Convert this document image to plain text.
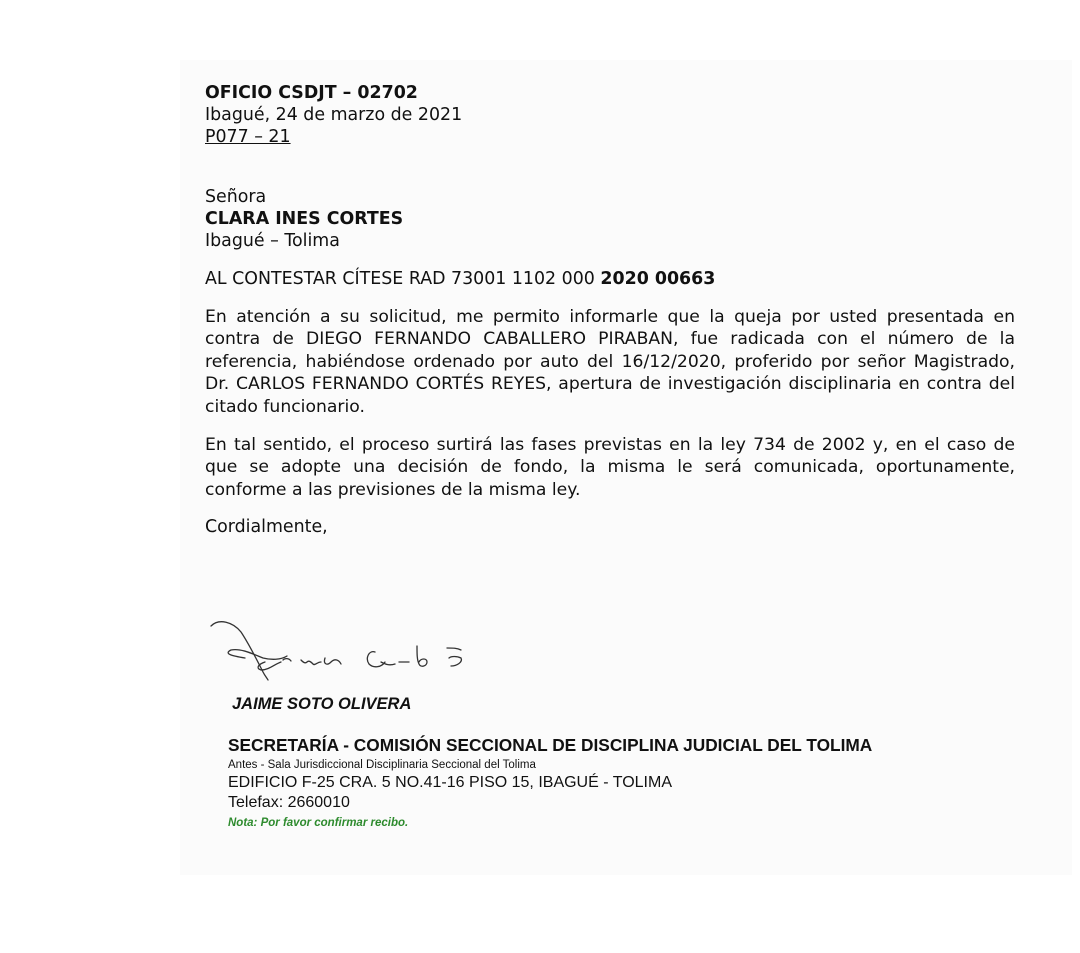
OFICIO CSDJT – 02702
Ibagué, 24 de marzo de 2021
P077 – 21
Señora
CLARA INES CORTES
Ibagué – Tolima
AL CONTESTAR CÍTESE RAD 73001 1102 000 2020 00663
En atención a su solicitud, me permito informarle que la queja por usted presentada en contra de DIEGO FERNANDO CABALLERO PIRABAN, fue radicada con el número de la referencia, habiéndose ordenado por auto del 16/12/2020, proferido por señor Magistrado, Dr. CARLOS FERNANDO CORTÉS REYES, apertura de investigación disciplinaria en contra del citado funcionario.
En tal sentido, el proceso surtirá las fases previstas en la ley 734 de 2002 y, en el caso de que se adopte una decisión de fondo, la misma le será comunicada, oportunamente, conforme a las previsiones de la misma ley.
Cordialmente,
JAIME SOTO OLIVERA
SECRETARÍA - COMISIÓN SECCIONAL DE DISCIPLINA JUDICIAL DEL TOLIMA
Antes - Sala Jurisdiccional Disciplinaria Seccional del Tolima
EDIFICIO F-25 CRA. 5 NO.41-16 PISO 15, IBAGUÉ - TOLIMA
Telefax: 2660010
Nota: Por favor confirmar recibo.
